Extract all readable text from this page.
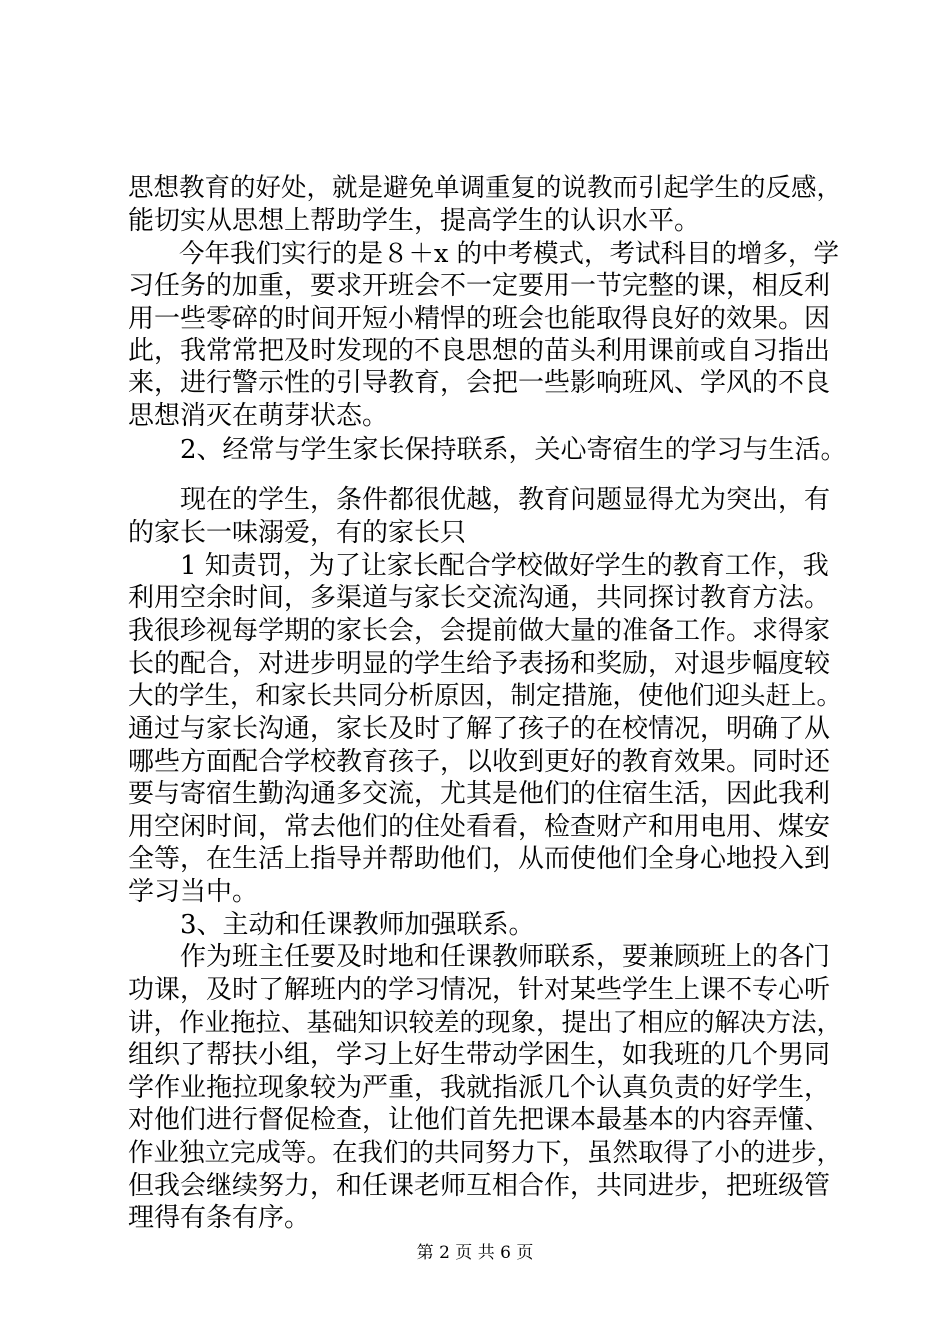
思想教育的好处，就是避免单调重复的说教而引起学生的反感，
能切实从思想上帮助学生，提高学生的认识水平。
　　今年我们实行的是８＋x 的中考模式，考试科目的增多，学
习任务的加重，要求开班会不一定要用一节完整的课，相反利
用一些零碎的时间开短小精悍的班会也能取得良好的效果。因
此，我常常把及时发现的不良思想的苗头利用课前或自习指出
来，进行警示性的引导教育，会把一些影响班风、学风的不良
思想消灭在萌芽状态。
　　2、经常与学生家长保持联系，关心寄宿生的学习与生活。
　　现在的学生，条件都很优越，教育问题显得尤为突出，有
的家长一味溺爱，有的家长只
　　1 知责罚，为了让家长配合学校做好学生的教育工作，我
利用空余时间，多渠道与家长交流沟通，共同探讨教育方法。
我很珍视每学期的家长会，会提前做大量的准备工作。求得家
长的配合，对进步明显的学生给予表扬和奖励，对退步幅度较
大的学生，和家长共同分析原因，制定措施，使他们迎头赶上。
通过与家长沟通，家长及时了解了孩子的在校情况，明确了从
哪些方面配合学校教育孩子，以收到更好的教育效果。同时还
要与寄宿生勤沟通多交流，尤其是他们的住宿生活，因此我利
用空闲时间，常去他们的住处看看，检查财产和用电用、煤安
全等，在生活上指导并帮助他们，从而使他们全身心地投入到
学习当中。
　　3、主动和任课教师加强联系。
　　作为班主任要及时地和任课教师联系，要兼顾班上的各门
功课，及时了解班内的学习情况，针对某些学生上课不专心听
讲，作业拖拉、基础知识较差的现象，提出了相应的解决方法，
组织了帮扶小组，学习上好生带动学困生，如我班的几个男同
学作业拖拉现象较为严重，我就指派几个认真负责的好学生，
对他们进行督促检查，让他们首先把课本最基本的内容弄懂、
作业独立完成等。在我们的共同努力下，虽然取得了小的进步，
但我会继续努力，和任课老师互相合作，共同进步，把班级管
理得有条有序。
第 2 页 共 6 页
